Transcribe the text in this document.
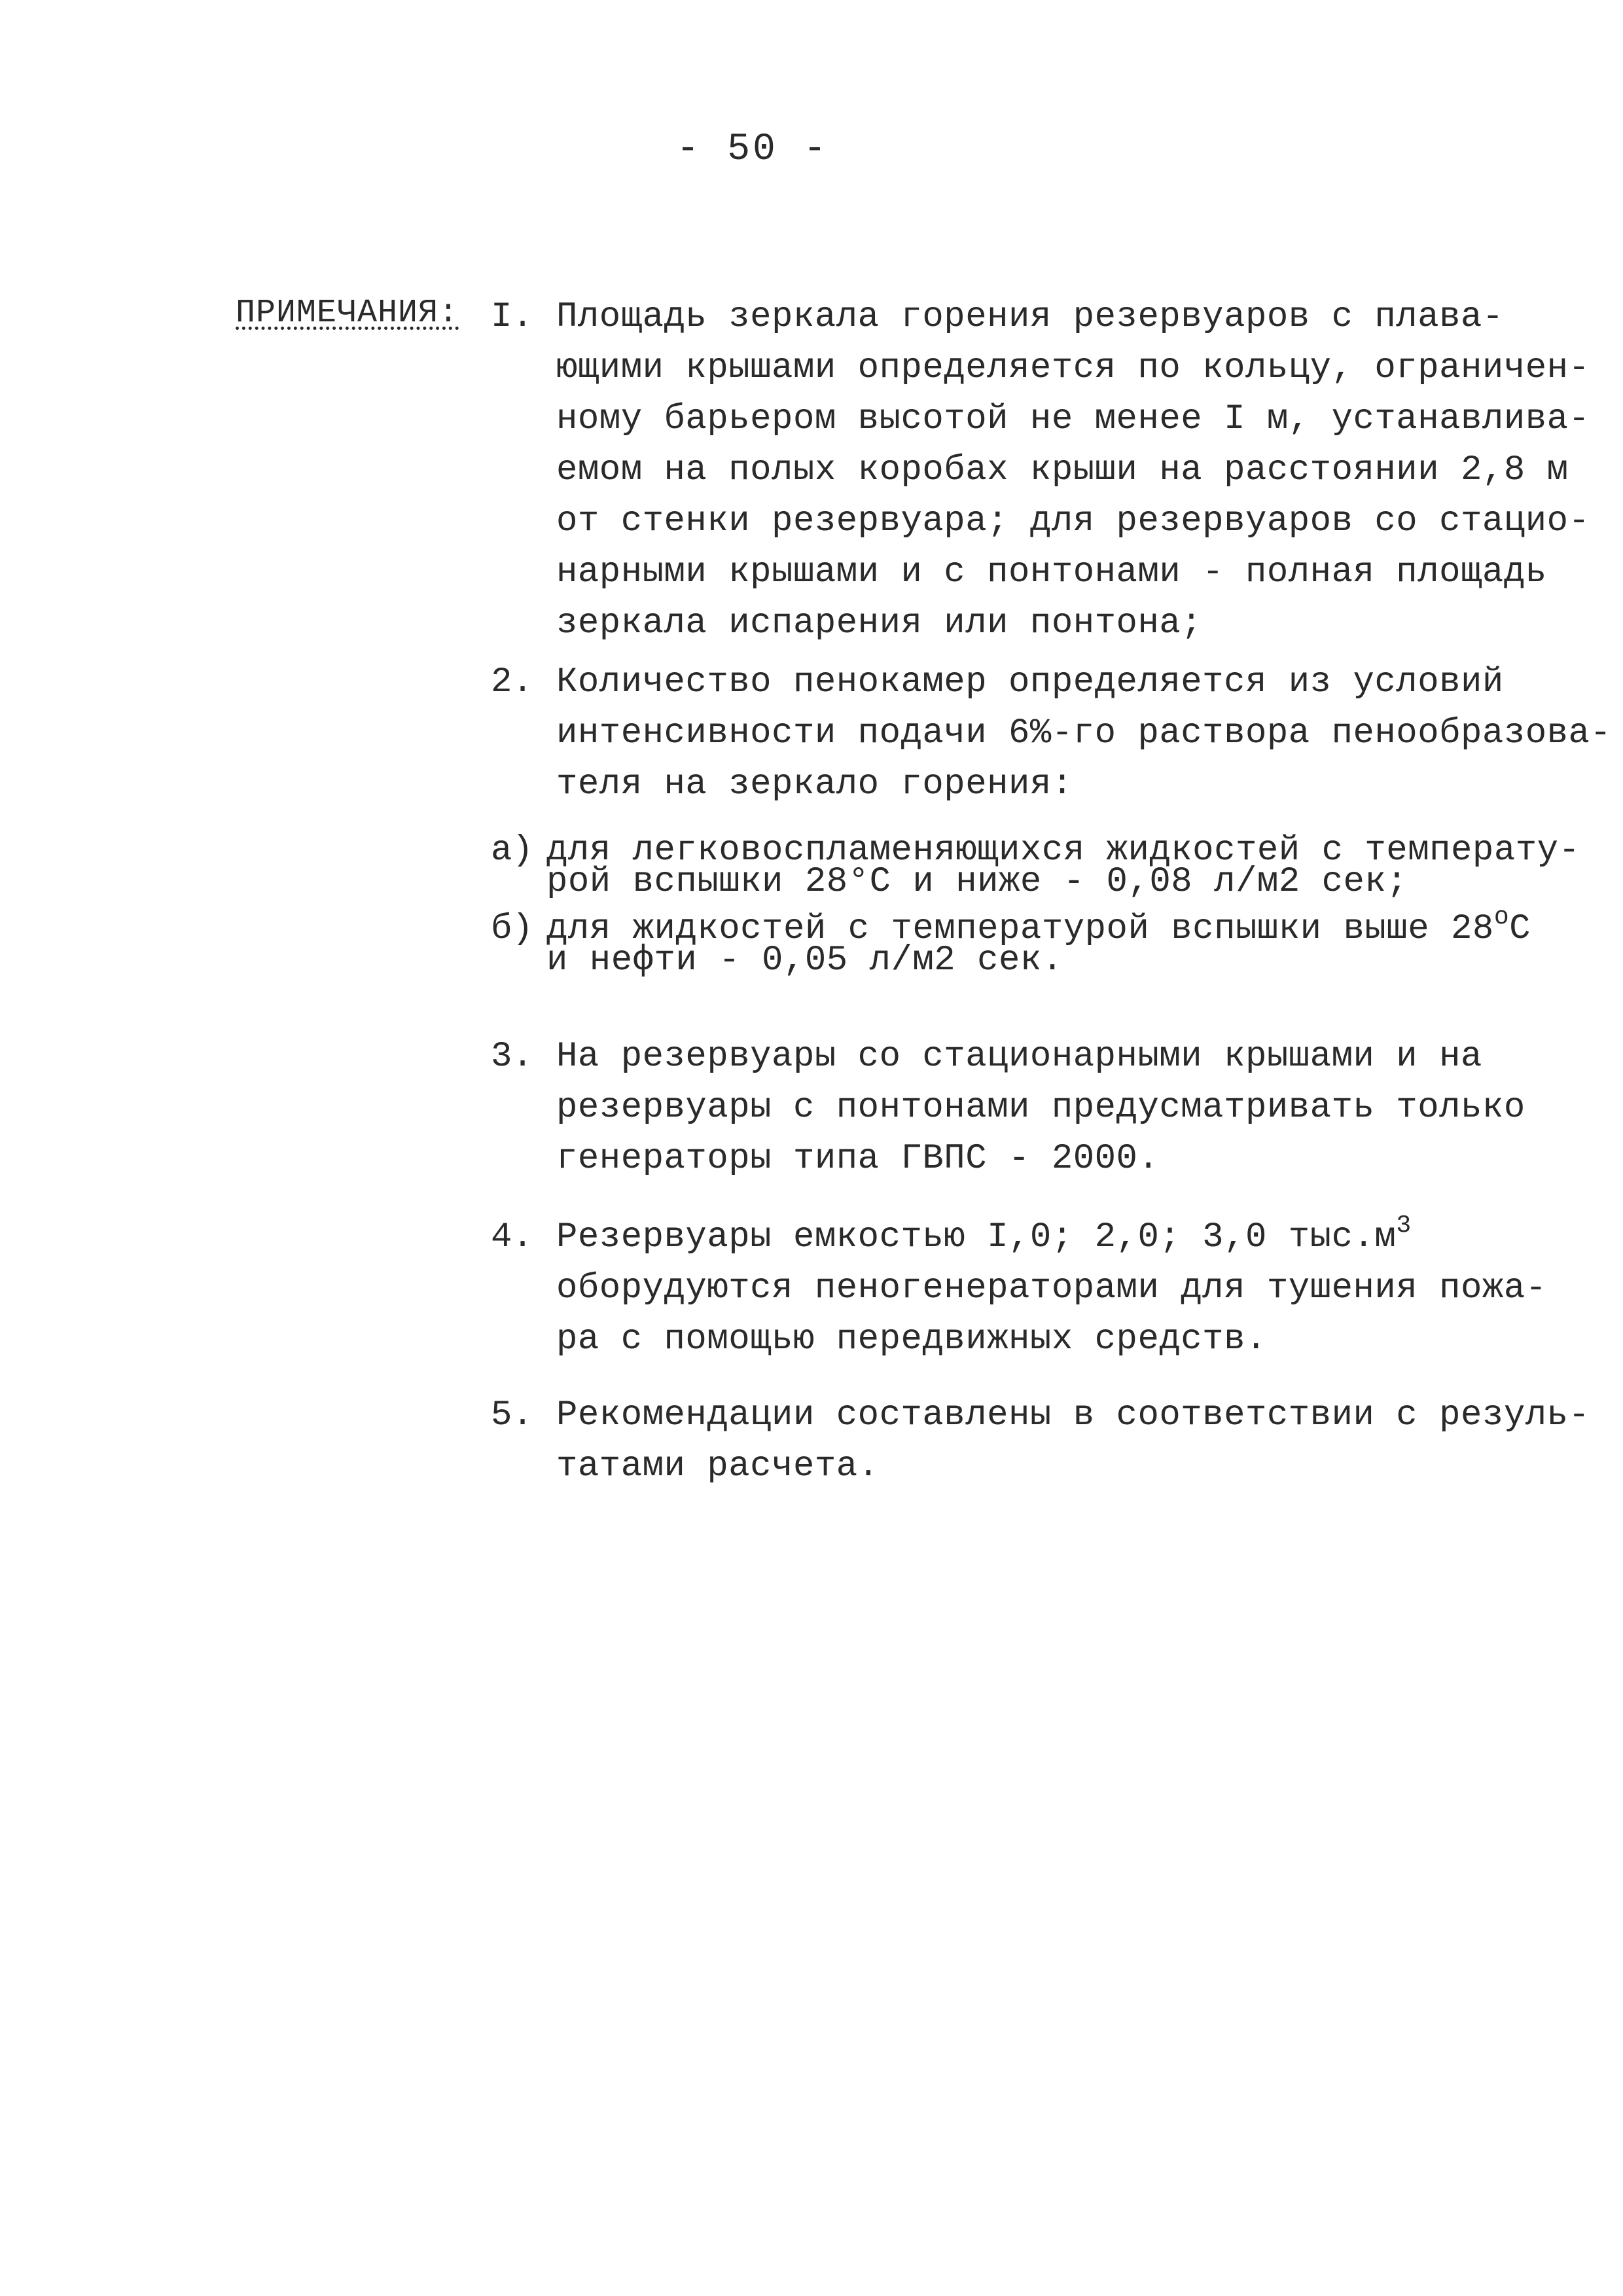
- 50 -
ПРИМЕЧАНИЯ: I. Площадь зеркала горения резервуаров с плава-
ющими крышами определяется по кольцу, ограничен-
ному барьером высотой не менее I м, устанавлива-
емом на полых коробах крыши на расстоянии 2,8 м
от стенки резервуара; для резервуаров со стацио-
нарными крышами и с понтонами - полная площадь
зеркала испарения или понтона;
2. Количество пенокамер определяется из условий
интенсивности подачи 6%-го раствора пенообразова-
теля на зеркало горения:
а) для легковоспламеняющихся жидкостей с температу-
рой вспышки 28°С и ниже - 0,08 л/м2 сек;
б) для жидкостей с температурой вспышки выше 28$^o$C
и нефти - 0,05 л/м2 сек.
3. На резервуары со стационарными крышами и на
резервуары с понтонами предусматривать только
генераторы типа ГВПС - 2000.
4. Резервуары емкостью I,0; 2,0; 3,0 $тыс.м^3$
оборудуются пеногенераторами для тушения пожа-
ра с помощью передвижных средств.
5. Рекомендации составлены в соответствии с резуль-
татами расчета.
